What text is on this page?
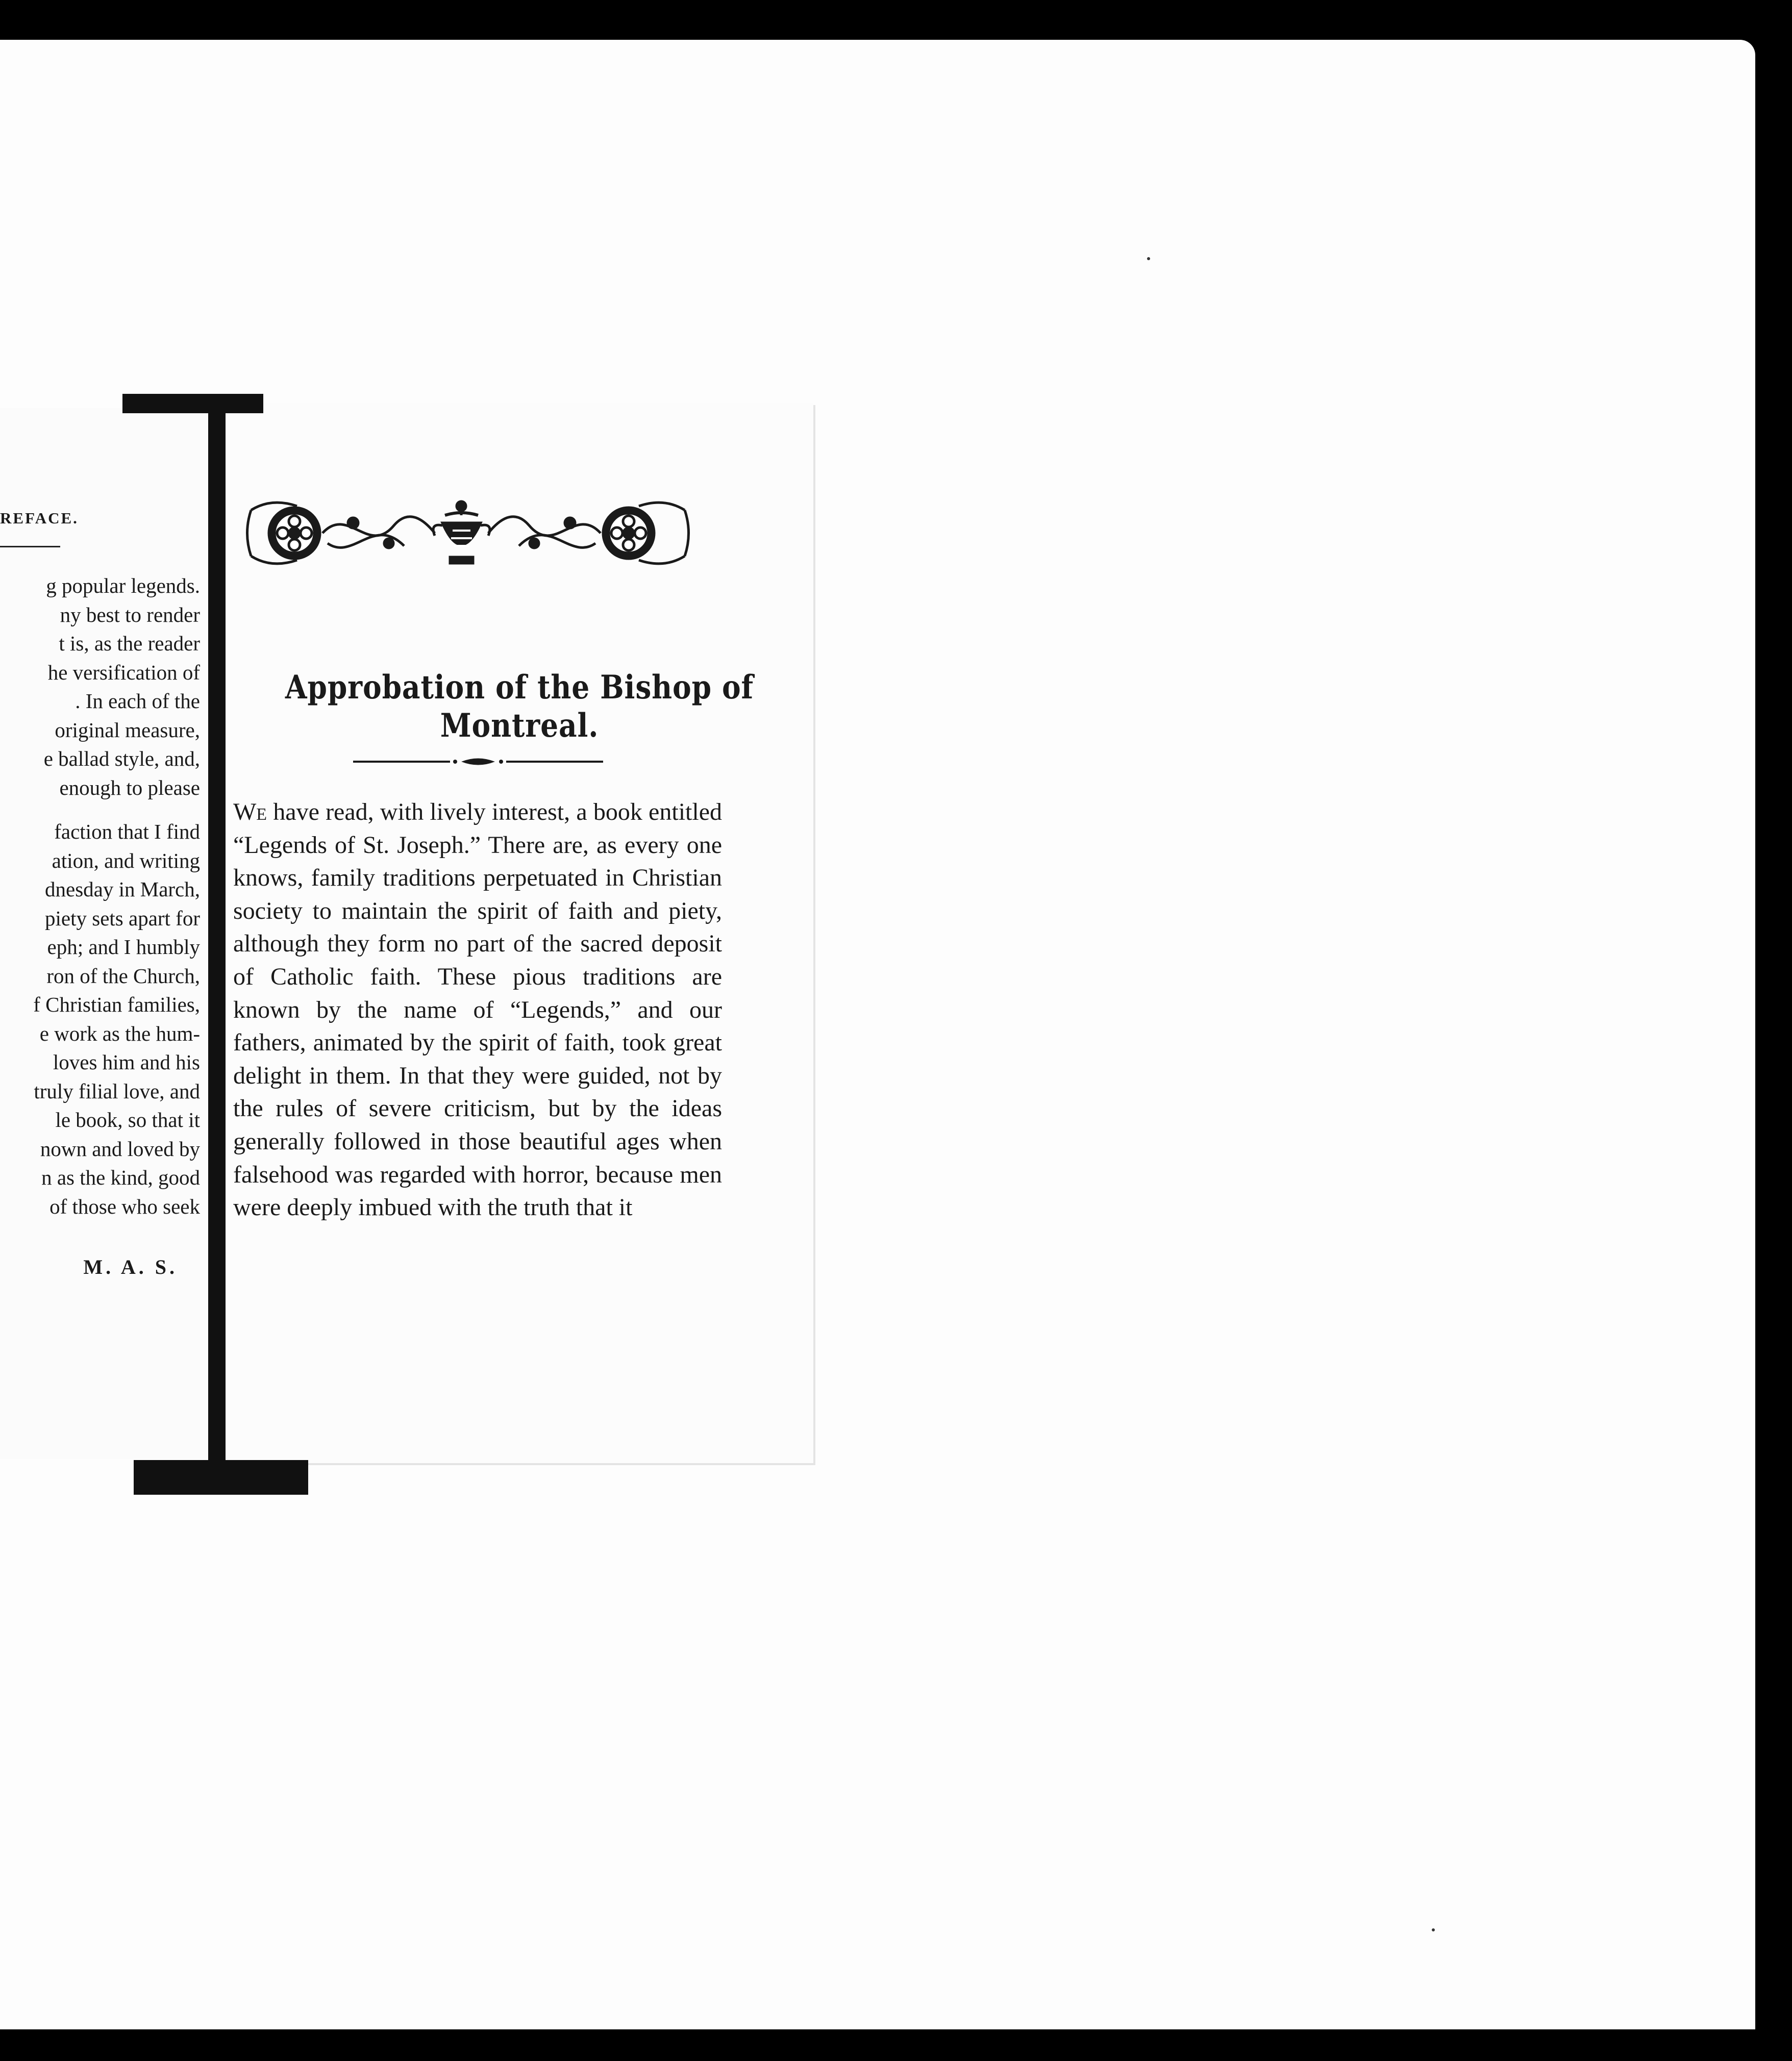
REFACE.
g popular legends.
ny best to render
t is, as the reader
he versification of
. In each of the
original measure,
e ballad style, and,
enough to please
faction that I find
ation, and writing
dnesday in March,
piety sets apart for
eph; and I humbly
ron of the Church,
f Christian families,
e work as the hum-
loves him and his
truly filial love, and
le book, so that it
nown and loved by
n as the kind, good
of those who seek
M. A. S.
Approbation of the Bishop of Montreal.
We have read, with lively interest, a book entitled “Legends of St. Joseph.” There are, as every one knows, family traditions perpetuated in Christian society to maintain the spirit of faith and piety, although they form no part of the sacred deposit of Catholic faith. These pious traditions are known by the name of “Legends,” and our fathers, animated by the spirit of faith, took great delight in them. In that they were guided, not by the rules of severe criticism, but by the ideas generally followed in those beautiful ages when falsehood was regarded with horror, because men were deeply imbued with the truth that it
